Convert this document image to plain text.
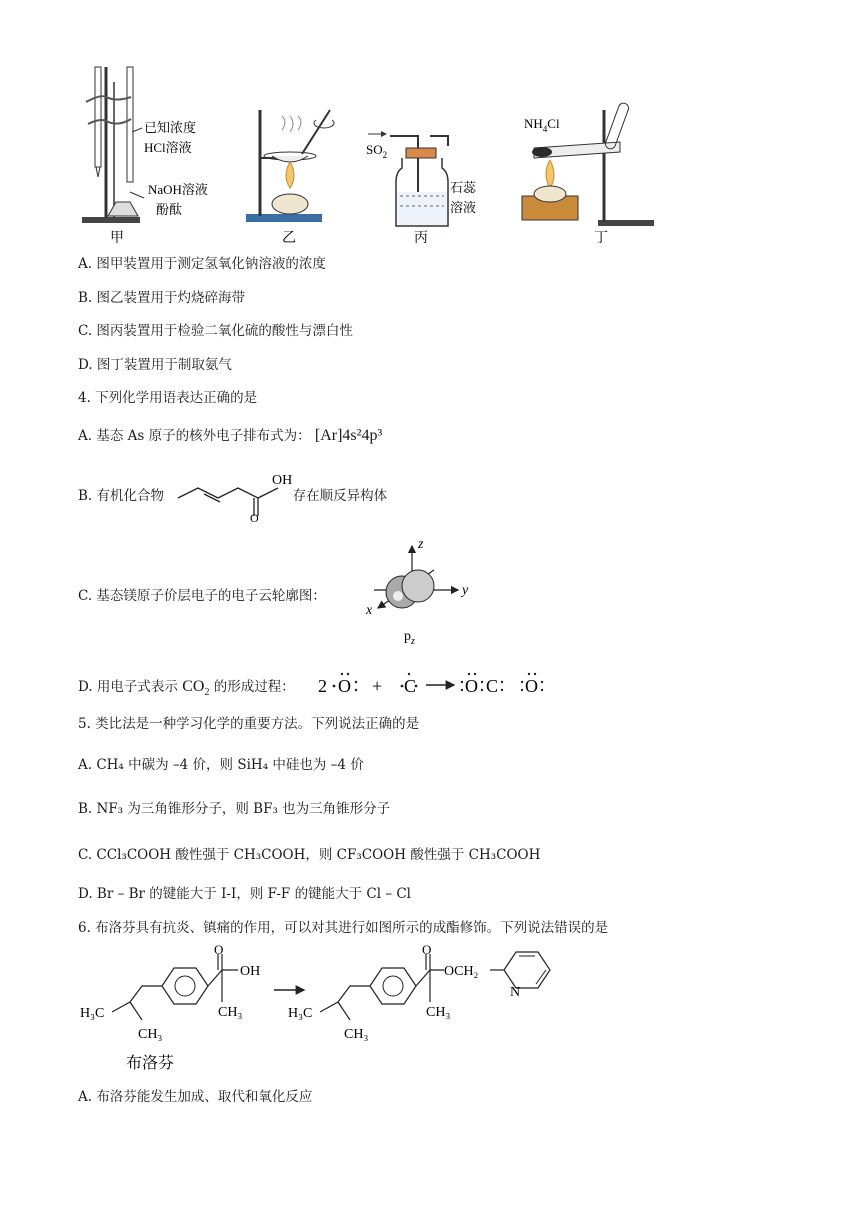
已知浓度
HCl溶液
NaOH溶液
酚酞
甲	乙
$SO_2$
石蕊
溶液
丙
$NH_4Cl$
丁
A. 图甲装置用于测定氢氧化钠溶液的浓度
B. 图乙装置用于灼烧碎海带
C. 图丙装置用于检验二氧化硫的酸性与漂白性
D. 图丁装置用于制取氨气
4. 下列化学用语表达正确的是
A. 基态 As 原子的核外电子排布式为： [Ar]4s²4p³
B. 有机化合物	存在顺反异构体
OH
O
C. 基态镁原子价层电子的电子云轮廓图：
z
y
x
$p_z$
D. 用电子式表示 $CO_2$ 的形成过程： 2 O + C	O C O
5. 类比法是一种学习化学的重要方法。下列说法正确的是
A. CH₄ 中碳为 –4 价，则 SiH₄ 中硅也为 –4 价
B. NF₃ 为三角锥形分子，则 BF₃ 也为三角锥形分子
C. CCl₃COOH 酸性强于 CH₃COOH，则 CF₃COOH 酸性强于 CH₃COOH
D. Br – Br 的键能大于 I-I，则 F-F 的键能大于 Cl – Cl
6. 布洛芬具有抗炎、镇痛的作用，可以对其进行如图所示的成酯修饰。下列说法错误的是
H₃C
CH₃
O
OH
CH₃
布洛芬
H₃C
CH₃
O
OCH₂
CH₃
N
A. 布洛芬能发生加成、取代和氧化反应
